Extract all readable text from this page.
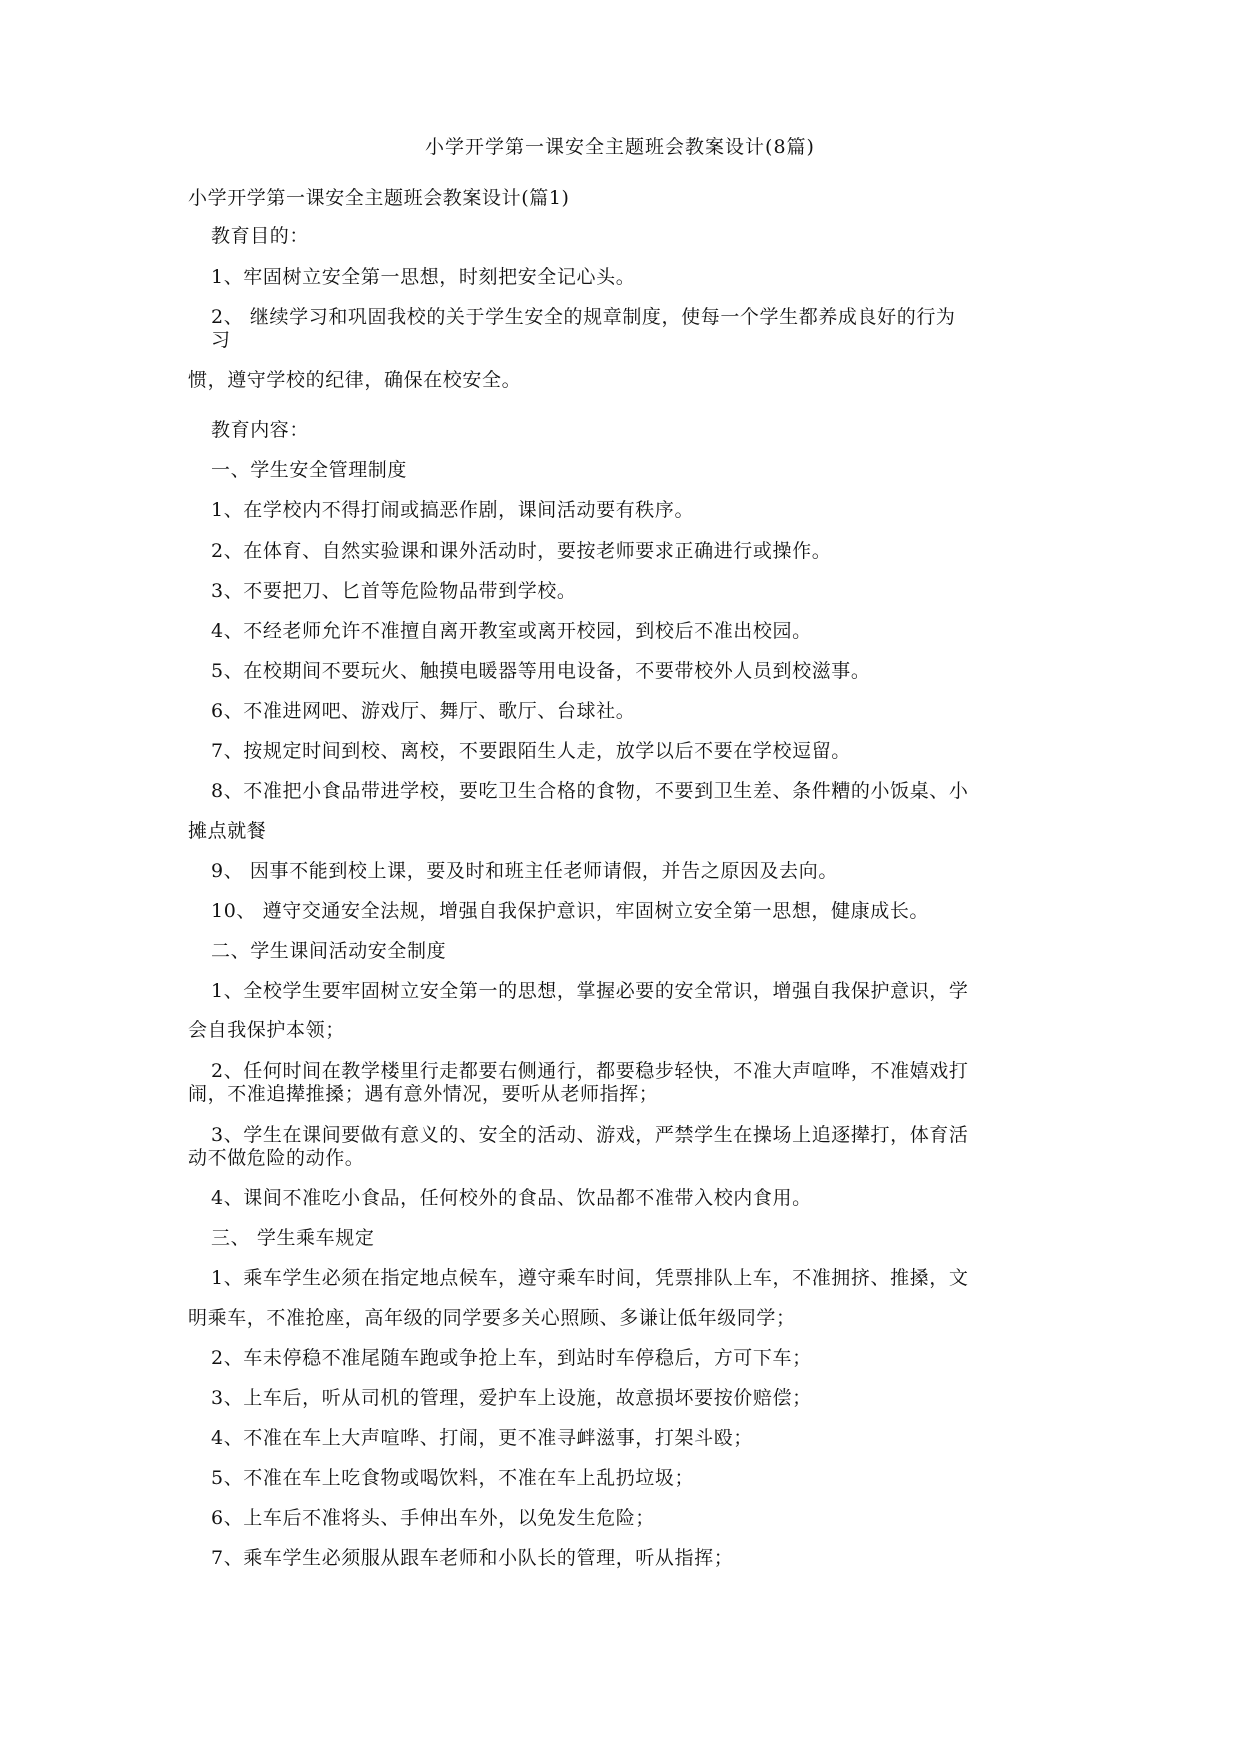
小学开学第一课安全主题班会教案设计(8篇)
小学开学第一课安全主题班会教案设计(篇1)
教育目的：
1、牢固树立安全第一思想，时刻把安全记心头。
2、 继续学习和巩固我校的关于学生安全的规章制度，使每一个学生都养成良好的行为
习
惯，遵守学校的纪律，确保在校安全。
教育内容：
一、学生安全管理制度
1、在学校内不得打闹或搞恶作剧，课间活动要有秩序。
2、在体育、自然实验课和课外活动时，要按老师要求正确进行或操作。
3、不要把刀、匕首等危险物品带到学校。
4、不经老师允许不准擅自离开教室或离开校园，到校后不准出校园。
5、在校期间不要玩火、触摸电暖器等用电设备，不要带校外人员到校滋事。
6、不准进网吧、游戏厅、舞厅、歌厅、台球社。
7、按规定时间到校、离校，不要跟陌生人走，放学以后不要在学校逗留。
8、不准把小食品带进学校，要吃卫生合格的食物，不要到卫生差、条件糟的小饭桌、小
摊点就餐
9、 因事不能到校上课，要及时和班主任老师请假，并告之原因及去向。
10、 遵守交通安全法规，增强自我保护意识，牢固树立安全第一思想，健康成长。
二、学生课间活动安全制度
1、全校学生要牢固树立安全第一的思想，掌握必要的安全常识，增强自我保护意识，学
会自我保护本领；
2、任何时间在教学楼里行走都要右侧通行，都要稳步轻快，不准大声喧哗，不准嬉戏打
闹，不准追撵推搡；遇有意外情况，要听从老师指挥；
3、学生在课间要做有意义的、安全的活动、游戏，严禁学生在操场上追逐撵打，体育活
动不做危险的动作。
4、课间不准吃小食品，任何校外的食品、饮品都不准带入校内食用。
三、 学生乘车规定
1、乘车学生必须在指定地点候车，遵守乘车时间，凭票排队上车，不准拥挤、推搡，文
明乘车，不准抢座，高年级的同学要多关心照顾、多谦让低年级同学；
2、车未停稳不准尾随车跑或争抢上车，到站时车停稳后，方可下车；
3、上车后，听从司机的管理，爱护车上设施，故意损坏要按价赔偿；
4、不准在车上大声喧哗、打闹，更不准寻衅滋事，打架斗殴；
5、不准在车上吃食物或喝饮料，不准在车上乱扔垃圾；
6、上车后不准将头、手伸出车外，以免发生危险；
7、乘车学生必须服从跟车老师和小队长的管理，听从指挥；
